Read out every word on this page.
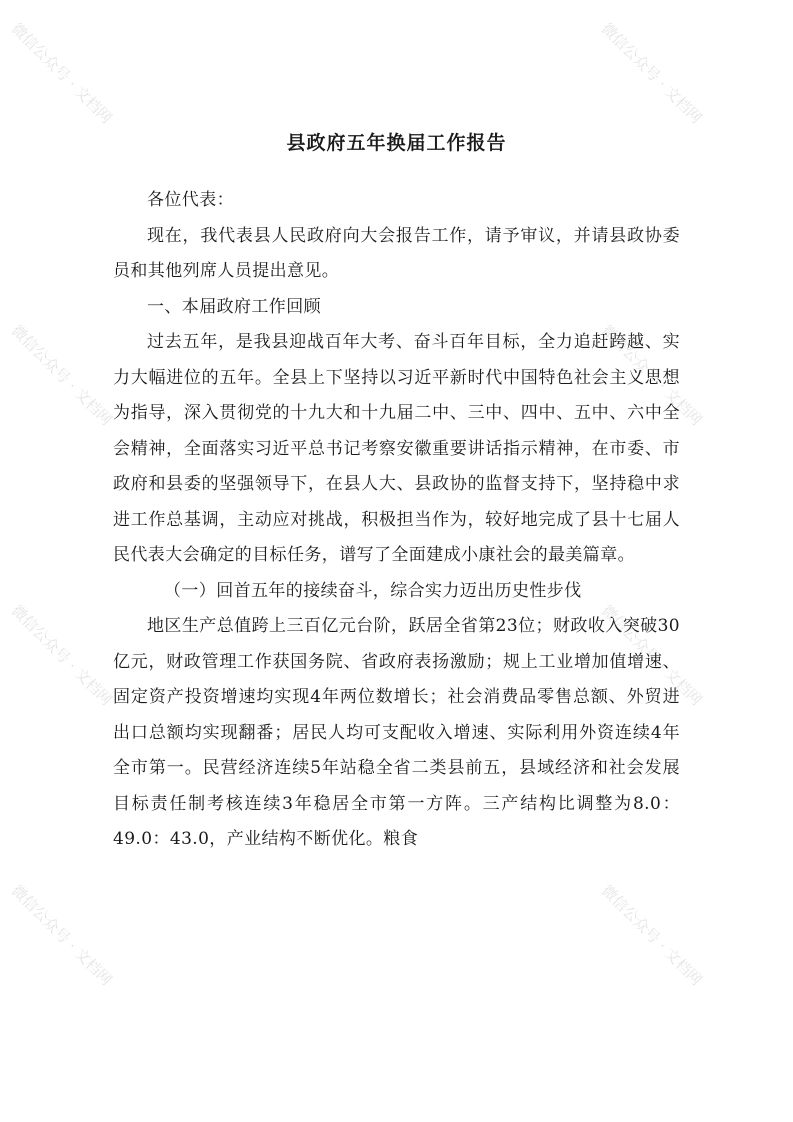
微信公众号 · 文档网	微信公众号 · 文档网
微信公众号 · 文档网	微信公众号 · 文档网
微信公众号 · 文档网	微信公众号 · 文档网
微信公众号 · 文档网	微信公众号 · 文档网
县政府五年换届工作报告

各位代表：

现在，我代表县人民政府向大会报告工作，请予审议，并请县政协委员和其他列席人员提出意见。

一、本届政府工作回顾

过去五年，是我县迎战百年大考、奋斗百年目标，全力追赶跨越、实力大幅进位的五年。全县上下坚持以习近平新时代中国特色社会主义思想为指导，深入贯彻党的十九大和十九届二中、三中、四中、五中、六中全会精神，全面落实习近平总书记考察安徽重要讲话指示精神，在市委、市政府和县委的坚强领导下，在县人大、县政协的监督支持下，坚持稳中求进工作总基调，主动应对挑战，积极担当作为，较好地完成了县十七届人民代表大会确定的目标任务，谱写了全面建成小康社会的最美篇章。

（一）回首五年的接续奋斗，综合实力迈出历史性步伐

地区生产总值跨上三百亿元台阶，跃居全省第23位；财政收入突破30亿元，财政管理工作获国务院、省政府表扬激励；规上工业增加值增速、固定资产投资增速均实现4年两位数增长；社会消费品零售总额、外贸进出口总额均实现翻番；居民人均可支配收入增速、实际利用外资连续4年全市第一。民营经济连续5年站稳全省二类县前五，县域经济和社会发展目标责任制考核连续3年稳居全市第一方阵。三产结构比调整为8.0：49.0：43.0，产业结构不断优化。粮食
